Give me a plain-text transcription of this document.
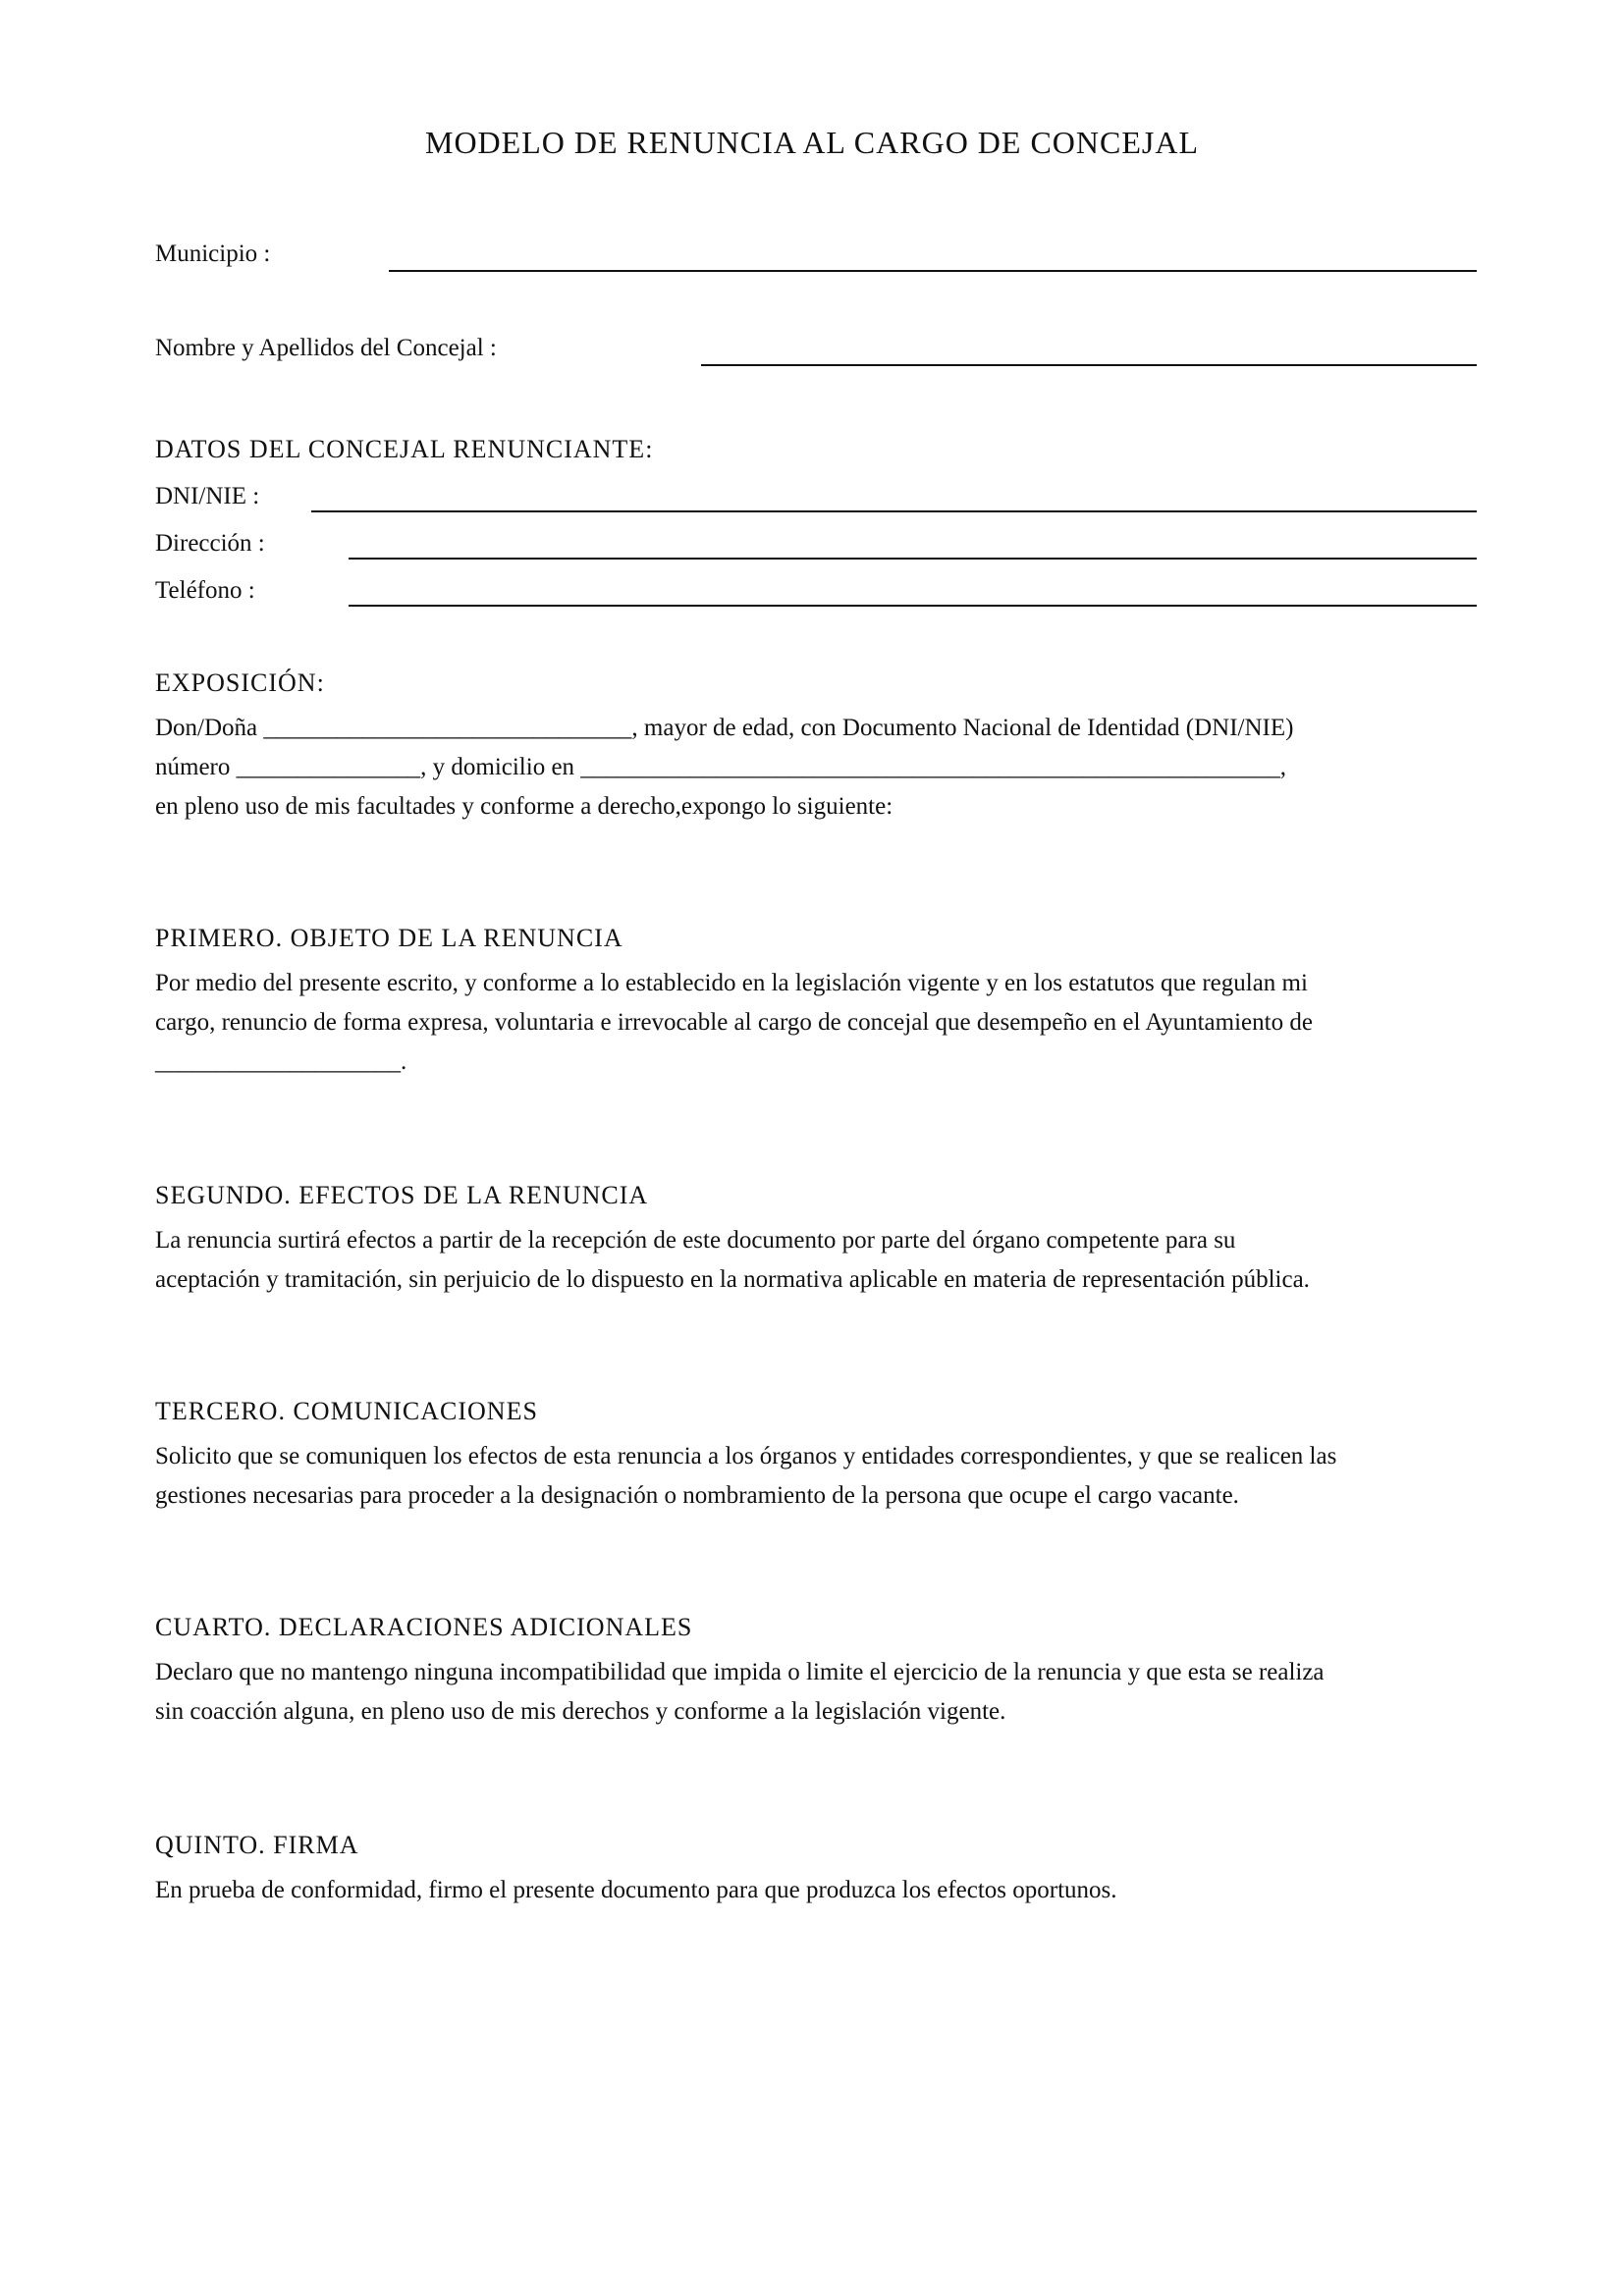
MODELO DE RENUNCIA AL CARGO DE CONCEJAL
Municipio :
Nombre y Apellidos del Concejal :
DATOS DEL CONCEJAL RENUNCIANTE:
DNI/NIE :
Dirección :
Teléfono :
EXPOSICIÓN:
Don/Doña ______________________________, mayor de edad, con Documento Nacional de Identidad (DNI/NIE)
número _______________, y domicilio en _________________________________________________________,
en pleno uso de mis facultades y conforme a derecho,expongo lo siguiente:
PRIMERO. OBJETO DE LA RENUNCIA
Por medio del presente escrito, y conforme a lo establecido en la legislación vigente y en los estatutos que regulan mi
cargo, renuncio de forma expresa, voluntaria e irrevocable al cargo de concejal que desempeño en el Ayuntamiento de
____________________.
SEGUNDO. EFECTOS DE LA RENUNCIA
La renuncia surtirá efectos a partir de la recepción de este documento por parte del órgano competente para su
aceptación y tramitación, sin perjuicio de lo dispuesto en la normativa aplicable en materia de representación pública.
TERCERO. COMUNICACIONES
Solicito que se comuniquen los efectos de esta renuncia a los órganos y entidades correspondientes, y que se realicen las
gestiones necesarias para proceder a la designación o nombramiento de la persona que ocupe el cargo vacante.
CUARTO. DECLARACIONES ADICIONALES
Declaro que no mantengo ninguna incompatibilidad que impida o limite el ejercicio de la renuncia y que esta se realiza
sin coacción alguna, en pleno uso de mis derechos y conforme a la legislación vigente.
QUINTO. FIRMA
En prueba de conformidad, firmo el presente documento para que produzca los efectos oportunos.
